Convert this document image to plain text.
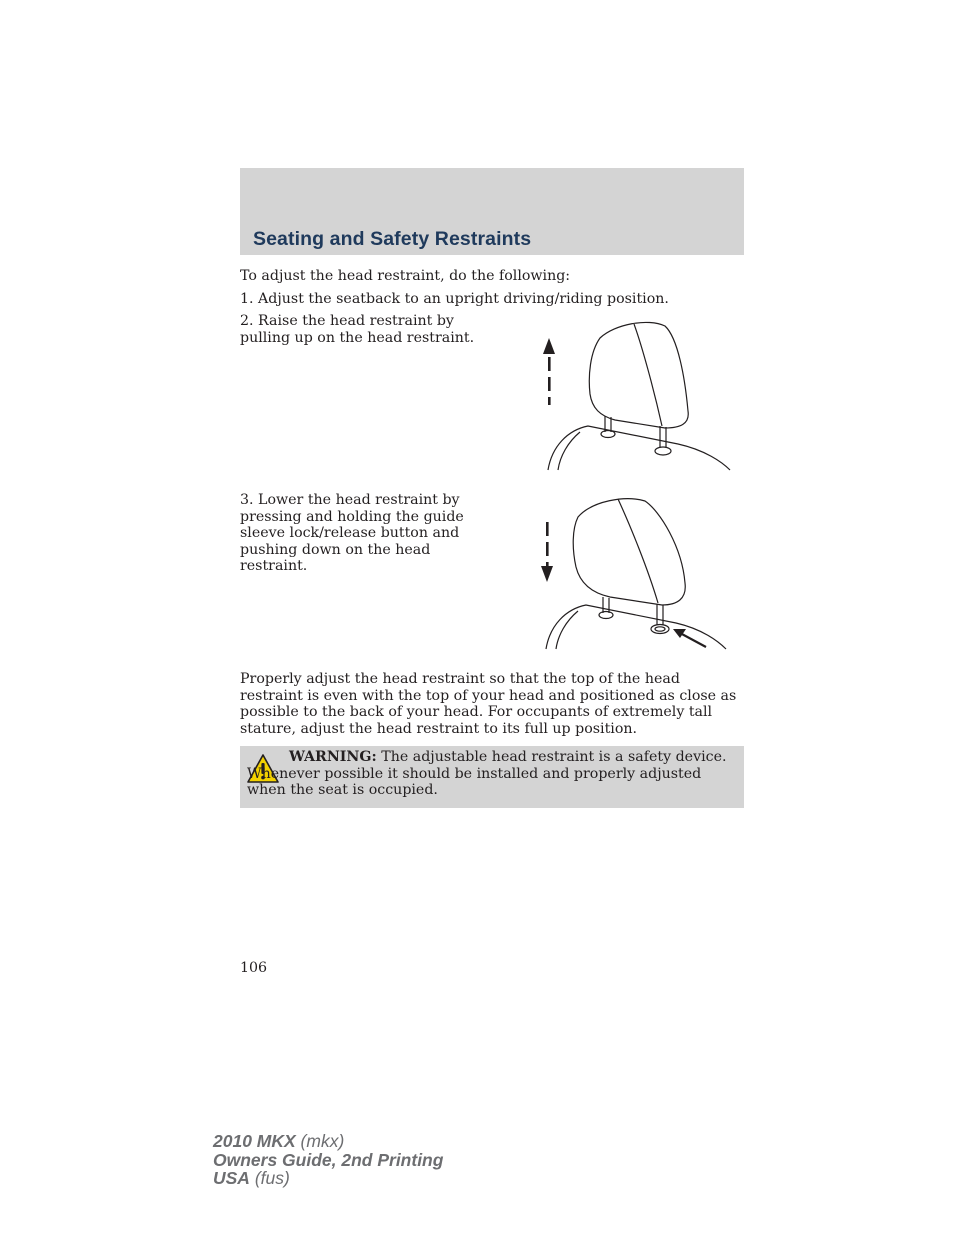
Seating and Safety Restraints

To adjust the head restraint, do the following:

1. Adjust the seatback to an upright driving/riding position.

2. Raise the head restraint by pulling up on the head restraint.

3. Lower the head restraint by pressing and holding the guide sleeve lock/release button and pushing down on the head restraint.

Properly adjust the head restraint so that the top of the head restraint is even with the top of your head and positioned as close as possible to the back of your head. For occupants of extremely tall stature, adjust the head restraint to its full up position.

WARNING: The adjustable head restraint is a safety device. Whenever possible it should be installed and properly adjusted when the seat is occupied.

106
2010 MKX (mkx)
Owners Guide, 2nd Printing
USA (fus)
